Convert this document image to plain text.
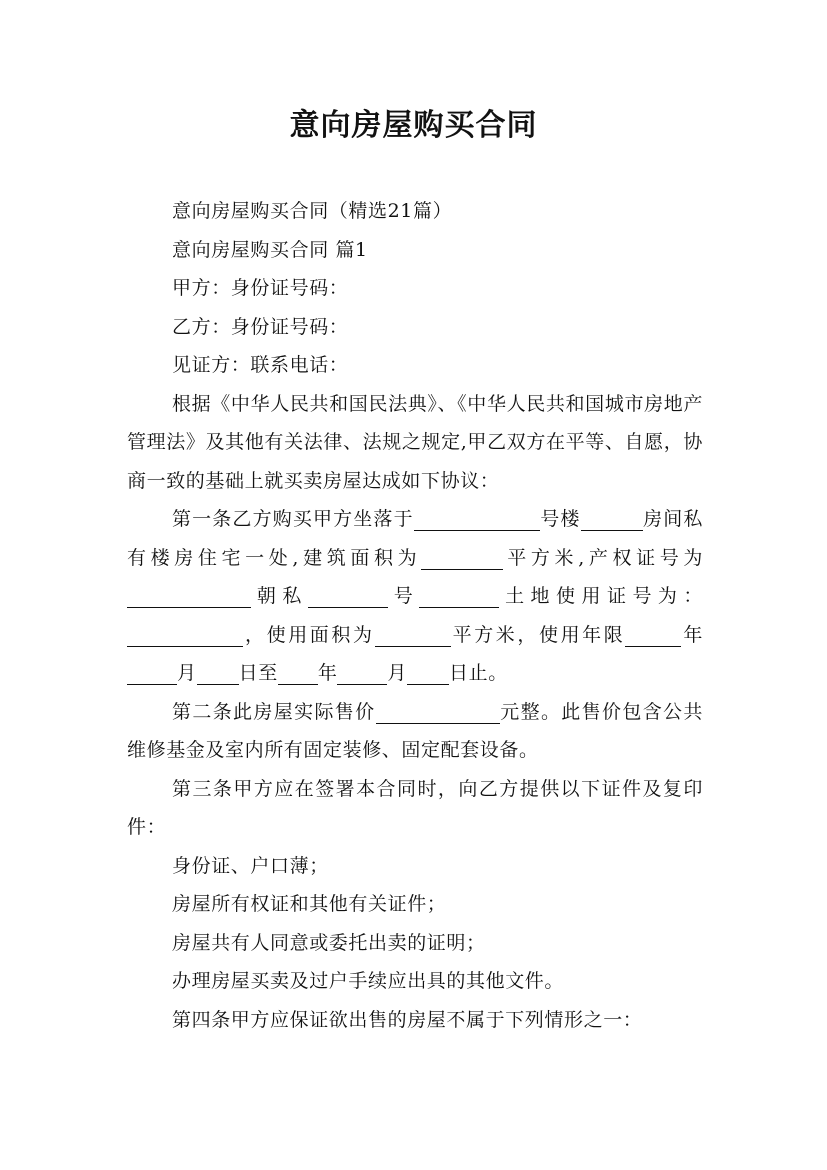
意向房屋购买合同

意向房屋购买合同（精选21篇）

意向房屋购买合同 篇1

甲方：身份证号码：

乙方：身份证号码：

见证方：联系电话：

根据《中华人民共和国民法典》、《中华人民共和国城市房地产管理法》及其他有关法律、法规之规定,甲乙双方在平等、自愿，协商一致的基础上就买卖房屋达成如下协议：

第一条乙方购买甲方坐落于	号楼	房间私有楼房住宅一处,建筑面积为	平方米,产权证号为朝私	号	土地使用证号为：，使用面积为	平方米，使用年限	年月 日至 年	月 日止。

第二条此房屋实际售价	元整。此售价包含公共维修基金及室内所有固定装修、固定配套设备。

第三条甲方应在签署本合同时，向乙方提供以下证件及复印件：

身份证、户口薄；

房屋所有权证和其他有关证件；

房屋共有人同意或委托出卖的证明；

办理房屋买卖及过户手续应出具的其他文件。

第四条甲方应保证欲出售的房屋不属于下列情形之一：
